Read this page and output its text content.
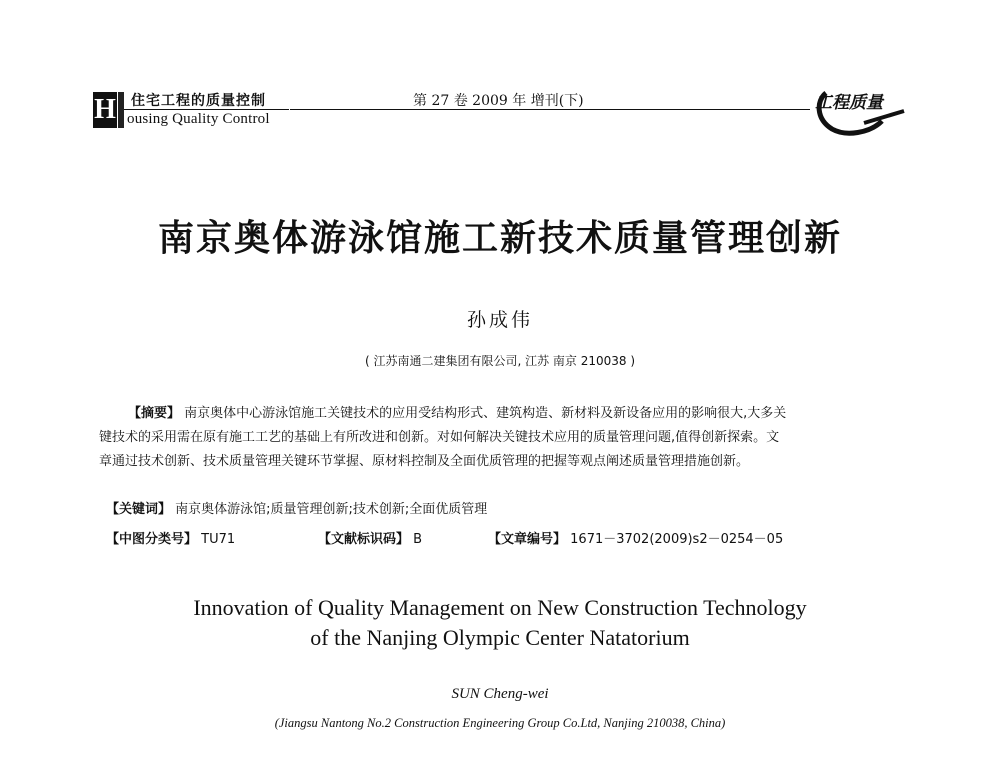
H 住宅工程的质量控制
ousing Quality Control
第 27 卷 2009 年 增刊(下)	工程质量
南京奥体游泳馆施工新技术质量管理创新
孙成伟
( 江苏南通二建集团有限公司, 江苏 南京 210038 )
【摘要】 南京奥体中心游泳馆施工关键技术的应用受结构形式、建筑构造、新材料及新设备应用的影响很大,大多关
键技术的采用需在原有施工工艺的基础上有所改进和创新。对如何解决关键技术应用的质量管理问题,值得创新探索。文
章通过技术创新、技术质量管理关键环节掌握、原材料控制及全面优质管理的把握等观点阐述质量管理措施创新。
【关键词】 南京奥体游泳馆;质量管理创新;技术创新;全面优质管理
【中图分类号】 TU71	【文献标识码】 B	【文章编号】 1671－3702(2009)s2－0254－05
Innovation of Quality Management on New Construction Technology
of the Nanjing Olympic Center Natatorium
SUN Cheng-wei
(Jiangsu Nantong No.2 Construction Engineering Group Co.Ltd, Nanjing 210038, China)
